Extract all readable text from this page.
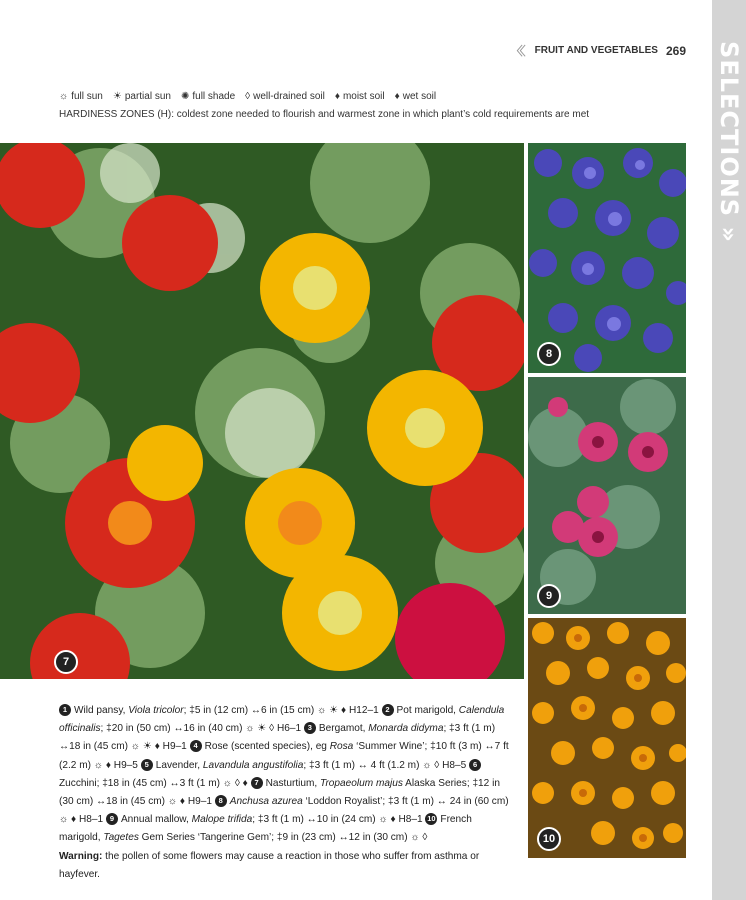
SELECTIONS »
〈〈 FRUIT AND VEGETABLES 269
☼ full sun ☀ partial sun ✺ full shade ◊ well-drained soil ♦ moist soil ♦ wet soil
HARDINESS ZONES (H): coldest zone needed to flourish and warmest zone in which plant’s cold requirements are met
7
8
9
10

1 Wild pansy, Viola tricolor; ‡5 in (12 cm) ↔6 in (15 cm) ☼ ☀ ♦ H12–1 2 Pot marigold, Calendula officinalis; ‡20 in (50 cm) ↔16 in (40 cm) ☼ ☀ ◊ H6–1 3 Bergamot, Monarda didyma; ‡3 ft (1 m) ↔18 in (45 cm) ☼ ☀ ♦ H9–1 4 Rose (scented species), eg Rosa ‘Summer Wine’; ‡10 ft (3 m) ↔7 ft (2.2 m) ☼ ♦ H9–5 5 Lavender, Lavandula angustifolia; ‡3 ft (1 m) ↔ 4 ft (1.2 m) ☼ ◊ H8–5 6Zucchini; ‡18 in (45 cm) ↔3 ft (1 m) ☼ ◊ ♦ 7 Nasturtium, Tropaeolum majus Alaska Series; ‡12 in (30 cm) ↔18 in (45 cm) ☼ ♦ H9–1 8 Anchusa azurea ‘Loddon Royalist’; ‡3 ft (1 m) ↔ 24 in (60 cm) ☼ ♦ H8–1 9 Annual mallow, Malope trifida; ‡3 ft (1 m) ↔10 in (24 cm) ☼ ♦ H8–1 10 French marigold, Tagetes Gem Series ‘Tangerine Gem’; ‡9 in (23 cm) ↔12 in (30 cm) ☼ ◊

Warning: the pollen of some flowers may cause a reaction in those who suffer from asthma or hayfever.
